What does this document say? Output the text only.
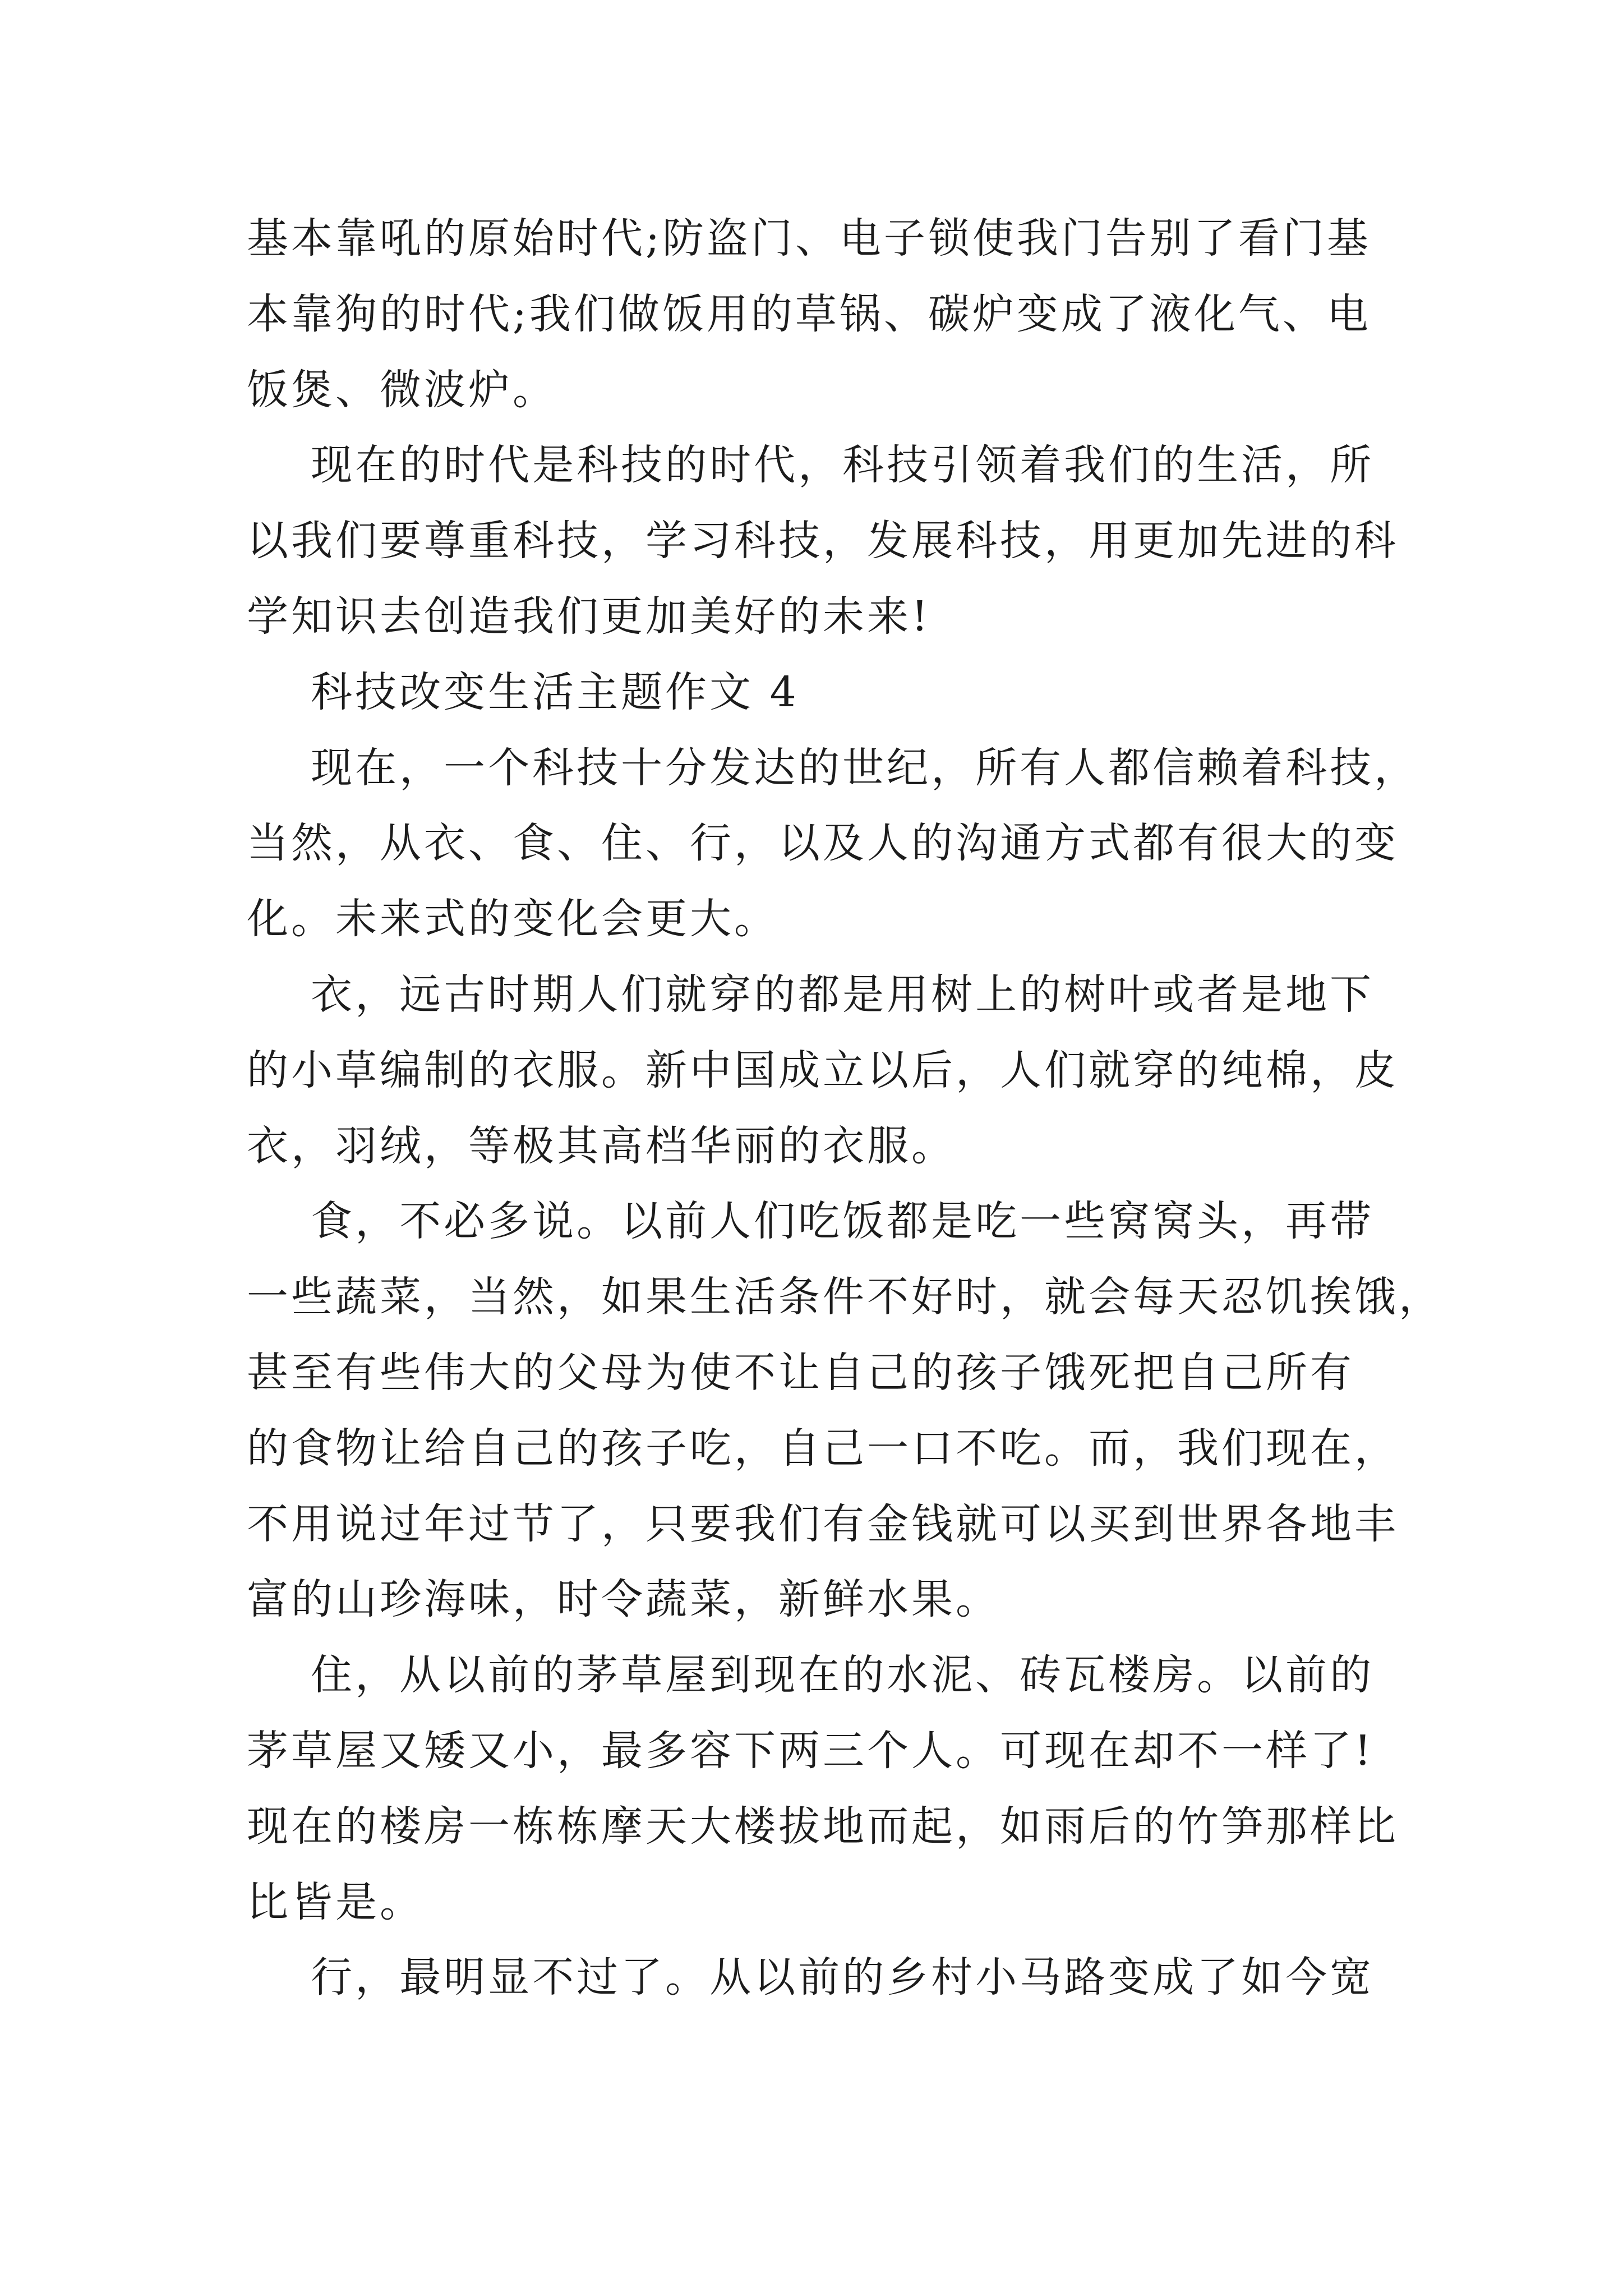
基本靠吼的原始时代;防盗门、电子锁使我门告别了看门基
本靠狗的时代;我们做饭用的草锅、碳炉变成了液化气、电
饭煲、微波炉。
现在的时代是科技的时代，科技引领着我们的生活，所
以我们要尊重科技，学习科技，发展科技，用更加先进的科
学知识去创造我们更加美好的未来!
科技改变生活主题作文 4
现在，一个科技十分发达的世纪，所有人都信赖着科技，
当然，从衣、食、住、行，以及人的沟通方式都有很大的变
化。未来式的变化会更大。
衣，远古时期人们就穿的都是用树上的树叶或者是地下
的小草编制的衣服。新中国成立以后，人们就穿的纯棉，皮
衣，羽绒，等极其高档华丽的衣服。
食，不必多说。以前人们吃饭都是吃一些窝窝头，再带
一些蔬菜，当然，如果生活条件不好时，就会每天忍饥挨饿，
甚至有些伟大的父母为使不让自己的孩子饿死把自己所有
的食物让给自己的孩子吃，自己一口不吃。而，我们现在，
不用说过年过节了，只要我们有金钱就可以买到世界各地丰
富的山珍海味，时令蔬菜，新鲜水果。
住，从以前的茅草屋到现在的水泥、砖瓦楼房。以前的
茅草屋又矮又小，最多容下两三个人。可现在却不一样了!
现在的楼房一栋栋摩天大楼拔地而起，如雨后的竹笋那样比
比皆是。
行，最明显不过了。从以前的乡村小马路变成了如今宽
